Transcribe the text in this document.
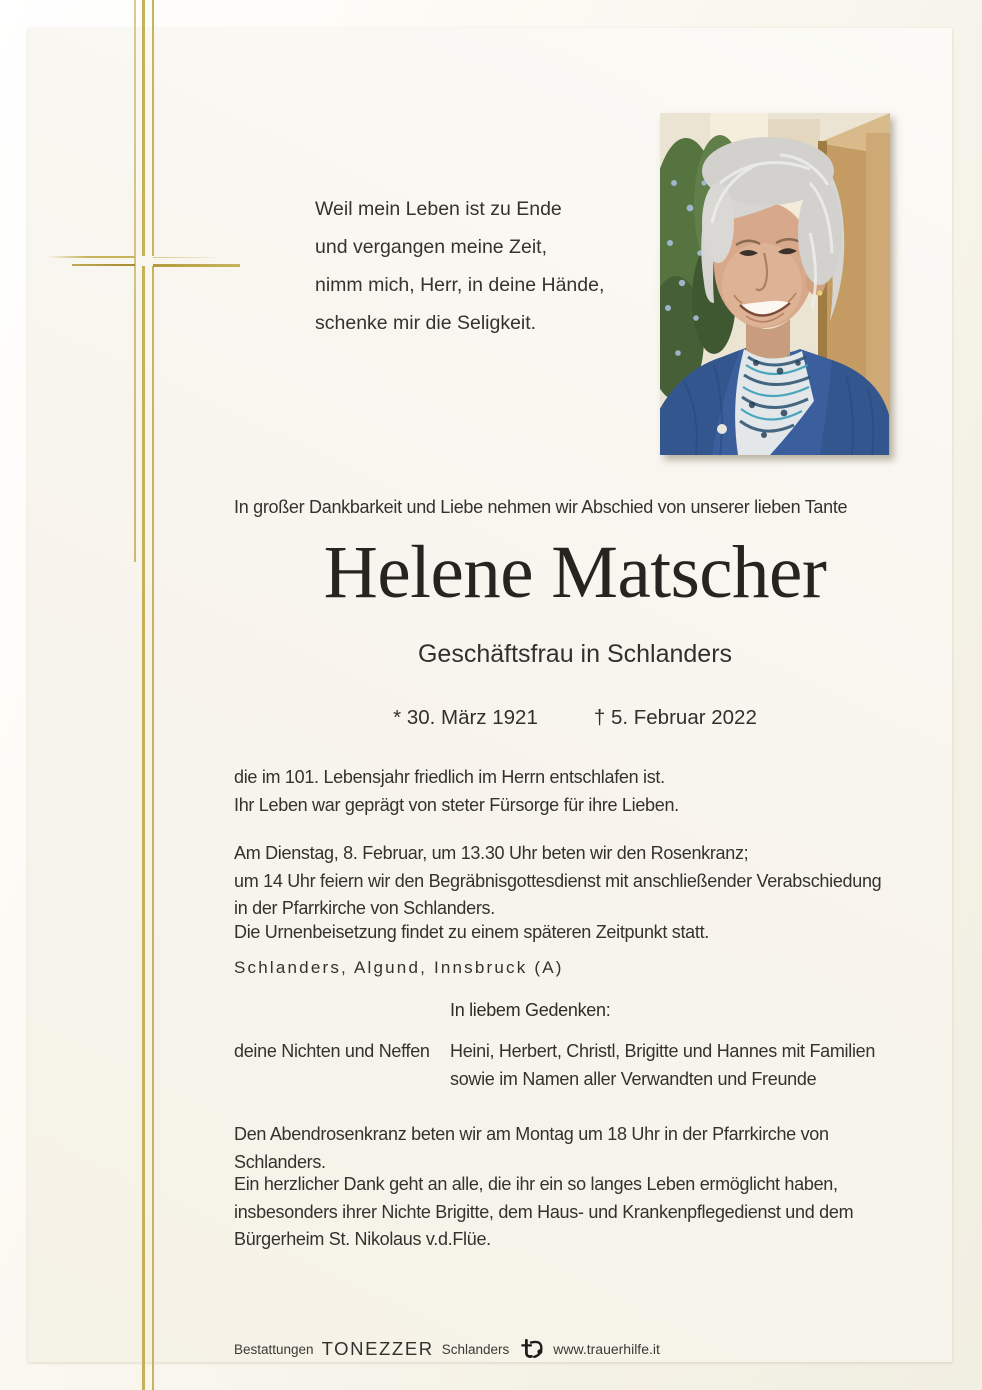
Weil mein Leben ist zu Ende
und vergangen meine Zeit,
nimm mich, Herr, in deine Hände,
schenke mir die Seligkeit.
In großer Dankbarkeit und Liebe nehmen wir Abschied von unserer lieben Tante
Helene Matscher
Geschäftsfrau in Schlanders
* 30. März 1921	† 5. Februar 2022
die im 101. Lebensjahr friedlich im Herrn entschlafen ist.
Ihr Leben war geprägt von steter Fürsorge für ihre Lieben.
Am Dienstag, 8. Februar, um 13.30 Uhr beten wir den Rosenkranz;
um 14 Uhr feiern wir den Begräbnisgottesdienst mit anschließender Verabschiedung
in der Pfarrkirche von Schlanders.
Die Urnenbeisetzung findet zu einem späteren Zeitpunkt statt.
Schlanders, Algund, Innsbruck (A)
In liebem Gedenken:
deine Nichten und Neffen	Heini, Herbert, Christl, Brigitte und Hannes mit Familien
sowie im Namen aller Verwandten und Freunde
Den Abendrosenkranz beten wir am Montag um 18 Uhr in der Pfarrkirche von Schlanders.
Ein herzlicher Dank geht an alle, die ihr ein so langes Leben ermöglicht haben,
insbesonders ihrer Nichte Brigitte, dem Haus- und Krankenpflegedienst und dem
Bürgerheim St. Nikolaus v.d.Flüe.
Bestattungen TONEZZER Schlanders	www.trauerhilfe.it
